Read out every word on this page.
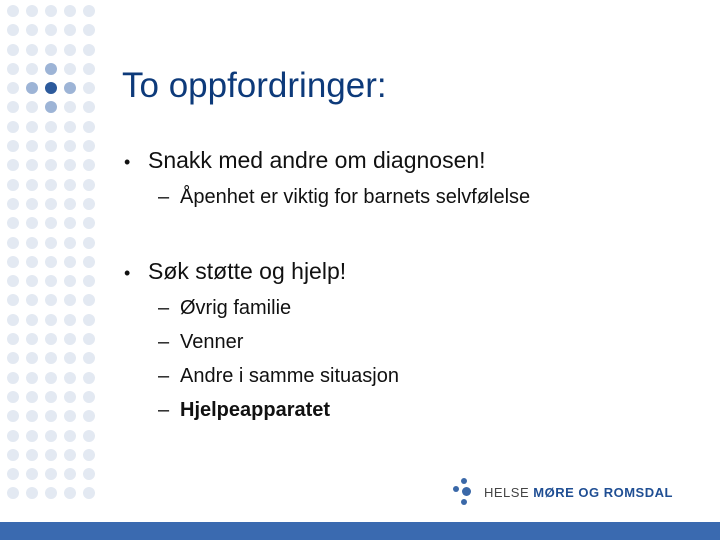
To oppfordringer:
• Snakk med andre om diagnosen!
– Åpenhet er viktig for barnets selvfølelse
• Søk støtte og hjelp!
– Øvrig familie
– Venner
– Andre i samme situasjon
– Hjelpeapparatet
HELSE MØRE OG ROMSDAL
